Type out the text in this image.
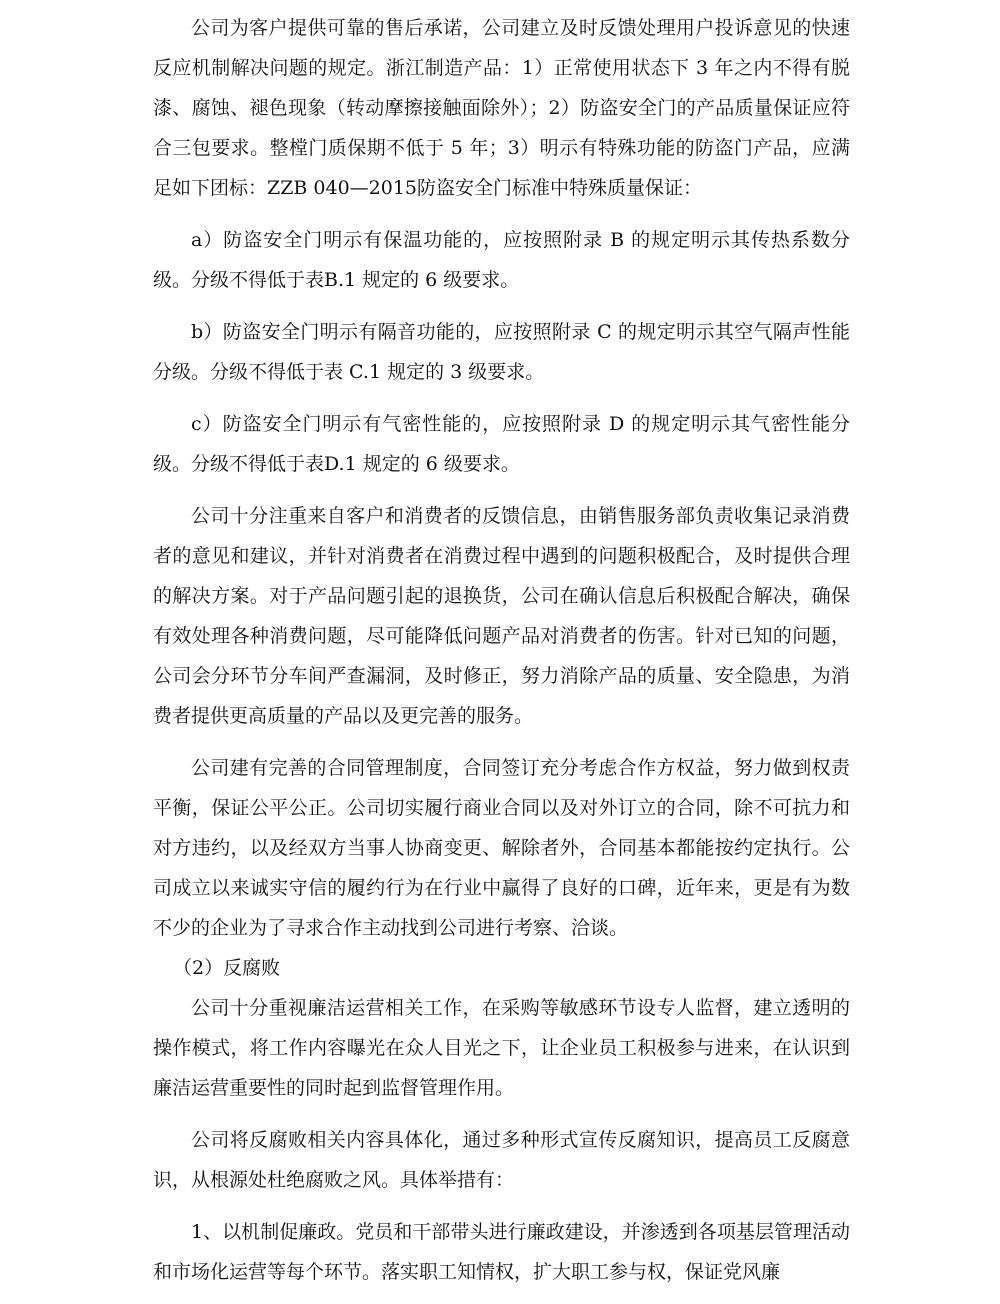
公司为客户提供可靠的售后承诺，公司建立及时反馈处理用户投诉意见的快速反应机制解决问题的规定。浙江制造产品：1）正常使用状态下 3 年之内不得有脱漆、腐蚀、褪色现象（转动摩擦接触面除外）；2）防盗安全门的产品质量保证应符合三包要求。整樘门质保期不低于 5 年；3）明示有特殊功能的防盗门产品，应满足如下团标：ZZB 040—2015防盗安全门标准中特殊质量保证：

a）防盗安全门明示有保温功能的，应按照附录 B 的规定明示其传热系数分级。分级不得低于表B.1 规定的 6 级要求。

b）防盗安全门明示有隔音功能的，应按照附录 C 的规定明示其空气隔声性能分级。分级不得低于表 C.1 规定的 3 级要求。

c）防盗安全门明示有气密性能的，应按照附录 D 的规定明示其气密性能分级。分级不得低于表D.1 规定的 6 级要求。

公司十分注重来自客户和消费者的反馈信息，由销售服务部负责收集记录消费者的意见和建议，并针对消费者在消费过程中遇到的问题积极配合，及时提供合理的解决方案。对于产品问题引起的退换货，公司在确认信息后积极配合解决，确保有效处理各种消费问题，尽可能降低问题产品对消费者的伤害。针对已知的问题，公司会分环节分车间严查漏洞，及时修正，努力消除产品的质量、安全隐患，为消费者提供更高质量的产品以及更完善的服务。

公司建有完善的合同管理制度，合同签订充分考虑合作方权益，努力做到权责平衡，保证公平公正。公司切实履行商业合同以及对外订立的合同，除不可抗力和对方违约，以及经双方当事人协商变更、解除者外，合同基本都能按约定执行。公司成立以来诚实守信的履约行为在行业中赢得了良好的口碑，近年来，更是有为数不少的企业为了寻求合作主动找到公司进行考察、洽谈。

（2）反腐败

公司十分重视廉洁运营相关工作，在采购等敏感环节设专人监督，建立透明的操作模式，将工作内容曝光在众人目光之下，让企业员工积极参与进来，在认识到廉洁运营重要性的同时起到监督管理作用。

公司将反腐败相关内容具体化，通过多种形式宣传反腐知识，提高员工反腐意识，从根源处杜绝腐败之风。具体举措有：

1、以机制促廉政。党员和干部带头进行廉政建设，并渗透到各项基层管理活动和市场化运营等每个环节。落实职工知情权，扩大职工参与权，保证党风廉
